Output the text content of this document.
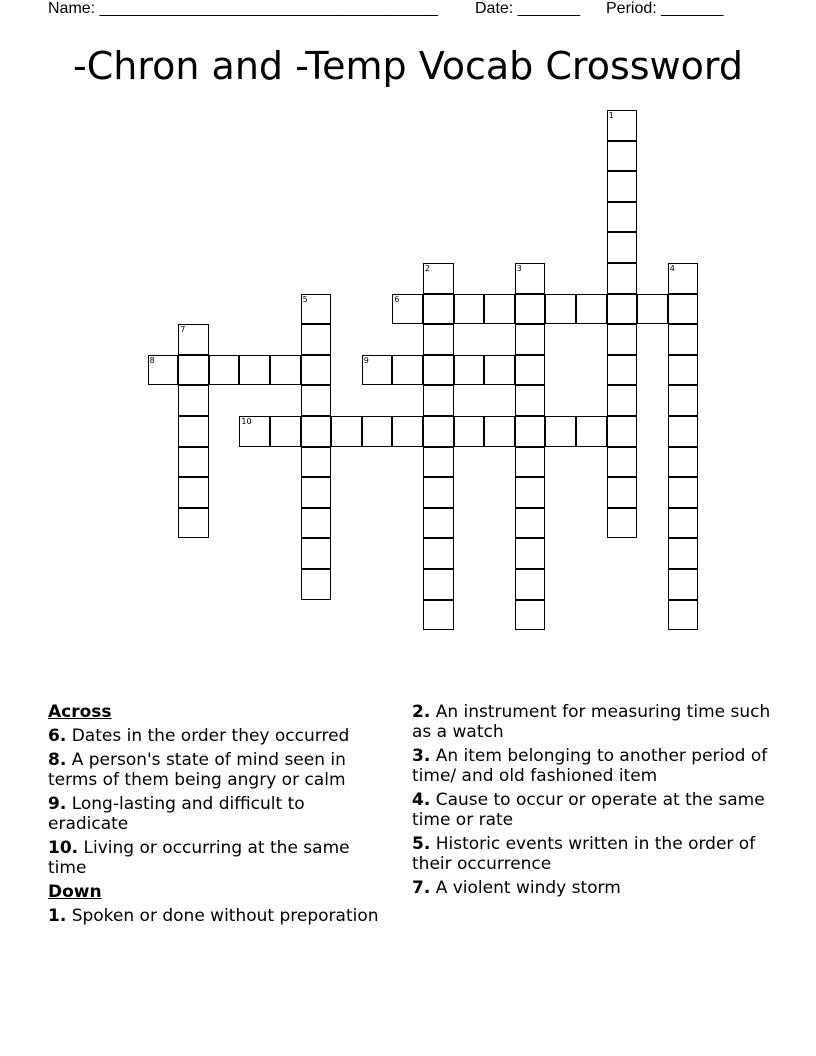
Name: ______________________________________ Date: _______ Period: _______
-Chron and -Temp Vocab Crossword
1
2	3	4
5	6
7
8	9
10
Across
6. Dates in the order they occurred
8. A person's state of mind seen in terms of them being angry or calm
9. Long-lasting and difficult to eradicate
10. Living or occurring at the same time
Down
1. Spoken or done without preporation
2. An instrument for measuring time such as a watch
3. An item belonging to another period of time/ and old fashioned item
4. Cause to occur or operate at the same time or rate
5. Historic events written in the order of their occurrence
7. A violent windy storm
